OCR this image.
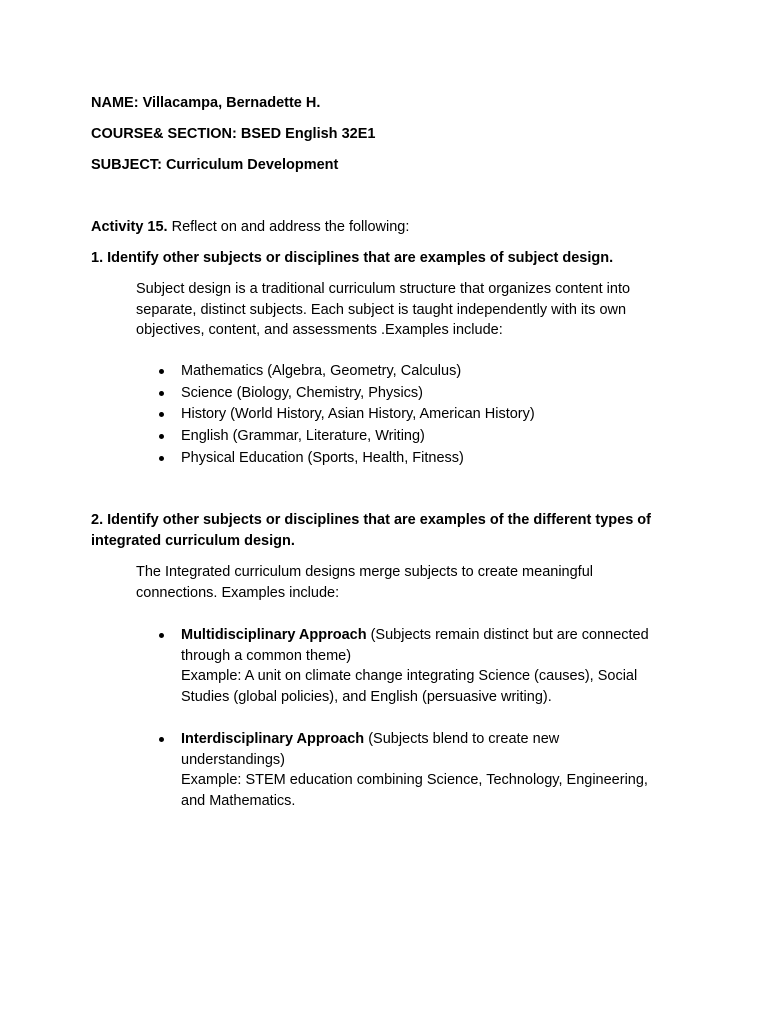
NAME: Villacampa, Bernadette H.
COURSE& SECTION: BSED English 32E1
SUBJECT: Curriculum Development
Activity 15. Reflect on and address the following:
1. Identify other subjects or disciplines that are examples of subject design.
Subject design is a traditional curriculum structure that organizes content into
separate, distinct subjects. Each subject is taught independently with its own
objectives, content, and assessments .Examples include:
Mathematics (Algebra, Geometry, Calculus)
Science (Biology, Chemistry, Physics)
History (World History, Asian History, American History)
English (Grammar, Literature, Writing)
Physical Education (Sports, Health, Fitness)
2. Identify other subjects or disciplines that are examples of the different types of
integrated curriculum design.
The Integrated curriculum designs merge subjects to create meaningful
connections. Examples include:
Multidisciplinary Approach (Subjects remain distinct but are connected
through a common theme)
Example: A unit on climate change integrating Science (causes), Social
Studies (global policies), and English (persuasive writing).
Interdisciplinary Approach (Subjects blend to create new
understandings)
Example: STEM education combining Science, Technology, Engineering,
and Mathematics.
